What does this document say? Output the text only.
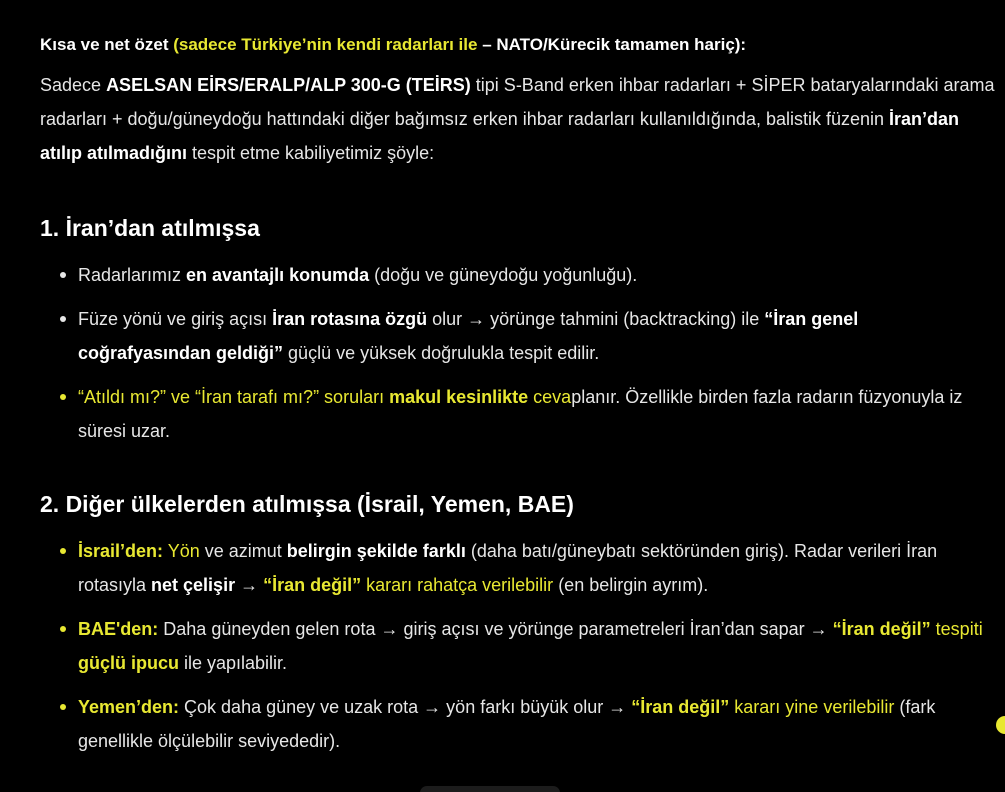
Kısa ve net özet (sadece Türkiye’nin kendi radarları ile – NATO/Kürecik tamamen hariç):

Sadece ASELSAN EİRS/ERALP/ALP 300-G (TEİRS) tipi S-Band erken ihbar radarları + SİPER bataryalarındaki arama radarları + doğu/güneydoğu hattındaki diğer bağımsız erken ihbar radarları kullanıldığında, balistik füzenin İran’dan atılıp atılmadığını tespit etme kabiliyetimiz şöyle:

1. İran’dan atılmışsa
Radarlarımız en avantajlı konumda (doğu ve güneydoğu yoğunluğu).
Füze yönü ve giriş açısı İran rotasına özgü olur → yörünge tahmini (backtracking) ile “İran genel coğrafyasından geldiği” güçlü ve yüksek doğrulukla tespit edilir.
“Atıldı mı?” ve “İran tarafı mı?” soruları makul kesinlikte cevaplanır. Özellikle birden fazla radarın füzyonuyla iz süresi uzar.
2. Diğer ülkelerden atılmışsa (İsrail, Yemen, BAE)
İsrail’den: Yön ve azimut belirgin şekilde farklı (daha batı/güneybatı sektöründen giriş). Radar verileri İran rotasıyla net çelişir → “İran değil” kararı rahatça verilebilir (en belirgin ayrım).
BAE'den: Daha güneyden gelen rota → giriş açısı ve yörünge parametreleri İran’dan sapar → “İran değil” tespiti güçlü ipucu ile yapılabilir.
Yemen’den: Çok daha güney ve uzak rota → yön farkı büyük olur → “İran değil” kararı yine verilebilir (fark genellikle ölçülebilir seviyededir).
